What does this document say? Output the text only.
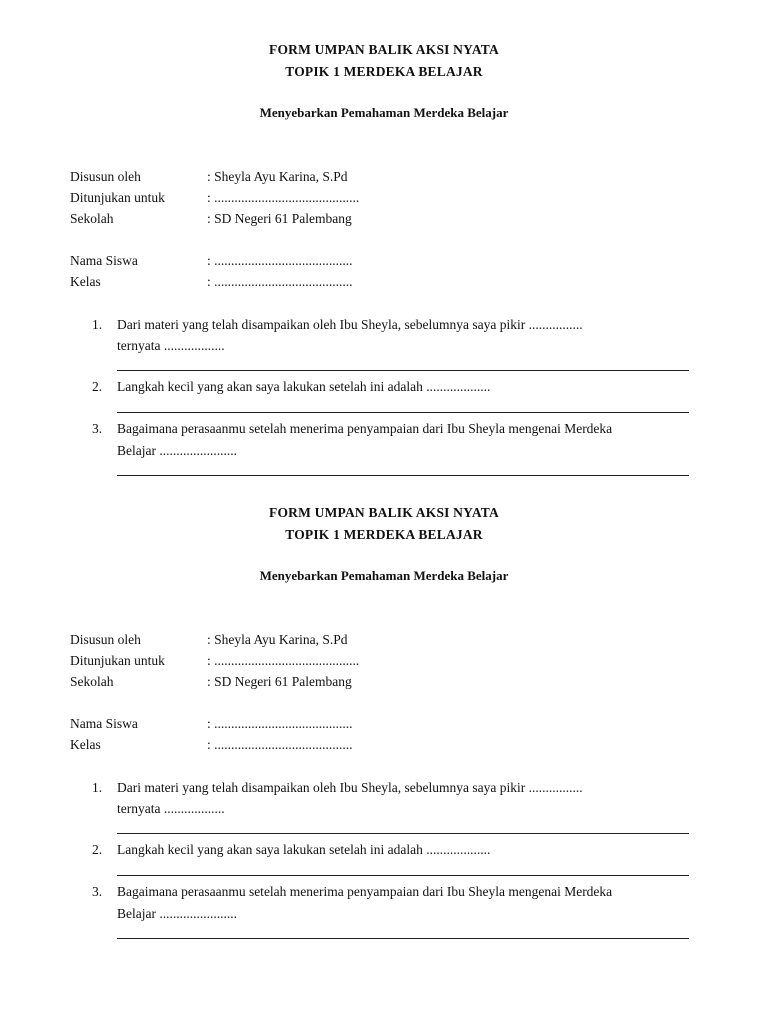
FORM UMPAN BALIK AKSI NYATA
TOPIK 1 MERDEKA BELAJAR
Menyebarkan Pemahaman Merdeka Belajar
Disusun oleh	: Sheyla Ayu Karina, S.Pd
Ditunjukan untuk	: ...........................................
Sekolah	: SD Negeri 61 Palembang
Nama Siswa	: .........................................
Kelas	: .........................................
1. Dari materi yang telah disampaikan oleh Ibu Sheyla, sebelumnya saya pikir ................
ternyata ..................
2. Langkah kecil yang akan saya lakukan setelah ini adalah ...................
3. Bagaimana perasaanmu setelah menerima penyampaian dari Ibu Sheyla mengenai Merdeka
Belajar .......................
FORM UMPAN BALIK AKSI NYATA
TOPIK 1 MERDEKA BELAJAR
Menyebarkan Pemahaman Merdeka Belajar
Disusun oleh	: Sheyla Ayu Karina, S.Pd
Ditunjukan untuk	: ...........................................
Sekolah	: SD Negeri 61 Palembang
Nama Siswa	: .........................................
Kelas	: .........................................
1. Dari materi yang telah disampaikan oleh Ibu Sheyla, sebelumnya saya pikir ................
ternyata ..................
2. Langkah kecil yang akan saya lakukan setelah ini adalah ...................
3. Bagaimana perasaanmu setelah menerima penyampaian dari Ibu Sheyla mengenai Merdeka
Belajar .......................
